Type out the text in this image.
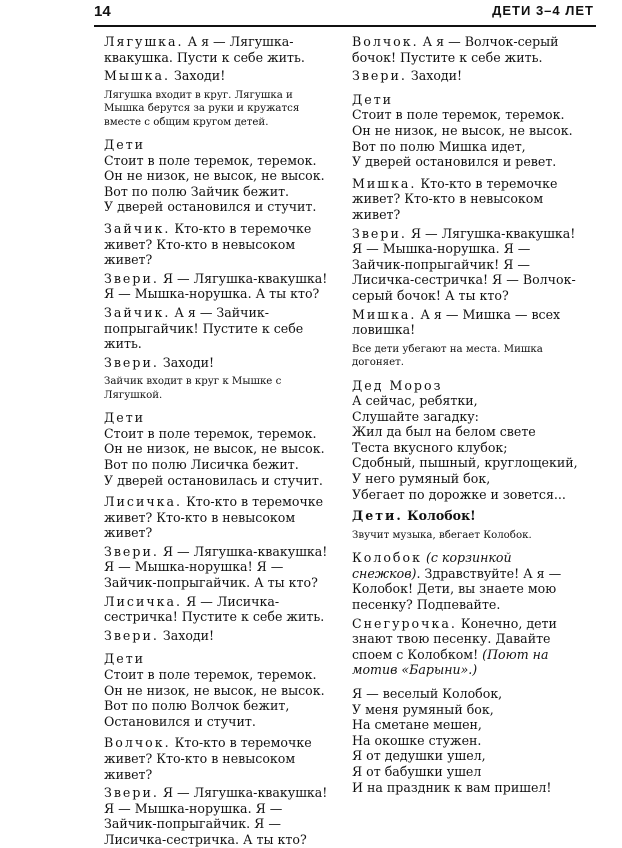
14	ДЕТИ 3–4 ЛЕТ

Лягушка. А я — Лягушка-квакушка. Пусти к себе жить.

Мышка. Заходи!

Лягушка входит в круг. Лягушка и Мышка берутся за руки и кружатся вместе с общим кругом детей.

Дети

Стоит в поле теремок, теремок.

Он не низок, не высок, не высок.

Вот по полю Зайчик бежит.

У дверей остановился и стучит.

Зайчик. Кто-кто в теремочке живет? Кто-кто в невысоком живет?

Звери. Я — Лягушка-квакушка! Я — Мышка-норушка. А ты кто?

Зайчик. А я — Зайчик-попрыгайчик! Пустите к себе жить.

Звери. Заходи!

Зайчик входит в круг к Мышке с Лягушкой.

Дети

Стоит в поле теремок, теремок.

Он не низок, не высок, не высок.

Вот по полю Лисичка бежит.

У дверей остановилась и стучит.

Лисичка. Кто-кто в теремочке живет? Кто-кто в невысоком живет?

Звери. Я — Лягушка-квакушка! Я — Мышка-норушка! Я — Зайчик-попрыгайчик. А ты кто?

Лисичка. Я — Лисичка-сестричка! Пустите к себе жить.

Звери. Заходи!

Дети

Стоит в поле теремок, теремок.

Он не низок, не высок, не высок.

Вот по полю Волчок бежит,

Остановился и стучит.

Волчок. Кто-кто в теремочке живет? Кто-кто в невысоком живет?

Звери. Я — Лягушка-квакушка! Я — Мышка-норушка. Я — Зайчик-попрыгайчик. Я — Лисичка-сестричка. А ты кто?

Волчок. А я — Волчок-серый бочок! Пустите к себе жить.

Звери. Заходи!

Дети

Стоит в поле теремок, теремок.

Он не низок, не высок, не высок.

Вот по полю Мишка идет,

У дверей остановился и ревет.

Мишка. Кто-кто в теремочке живет? Кто-кто в невысоком живет?

Звери. Я — Лягушка-квакушка! Я — Мышка-норушка. Я — Зайчик-попрыгайчик! Я — Лисичка-сестричка! Я — Волчок-серый бочок! А ты кто?

Мишка. А я — Мишка — всех ловишка!

Все дети убегают на места. Мишка догоняет.

Дед Мороз

А сейчас, ребятки,

Слушайте загадку:

Жил да был на белом свете

Теста вкусного клубок;

Сдобный, пышный, круглощекий,

У него румяный бок,

Убегает по дорожке и зовется...

Дети. Колобок!

Звучит музыка, вбегает Колобок.

Колобок (с корзинкой снежков). Здравствуйте! А я — Колобок! Дети, вы знаете мою песенку? Подпевайте.

Снегурочка. Конечно, дети знают твою песенку. Давайте споем с Колобком! (Поют на мотив «Барыни».)

Я — веселый Колобок,

У меня румяный бок,

На сметане мешен,

На окошке стужен.

Я от дедушки ушел,

Я от бабушки ушел

И на праздник к вам пришел!
